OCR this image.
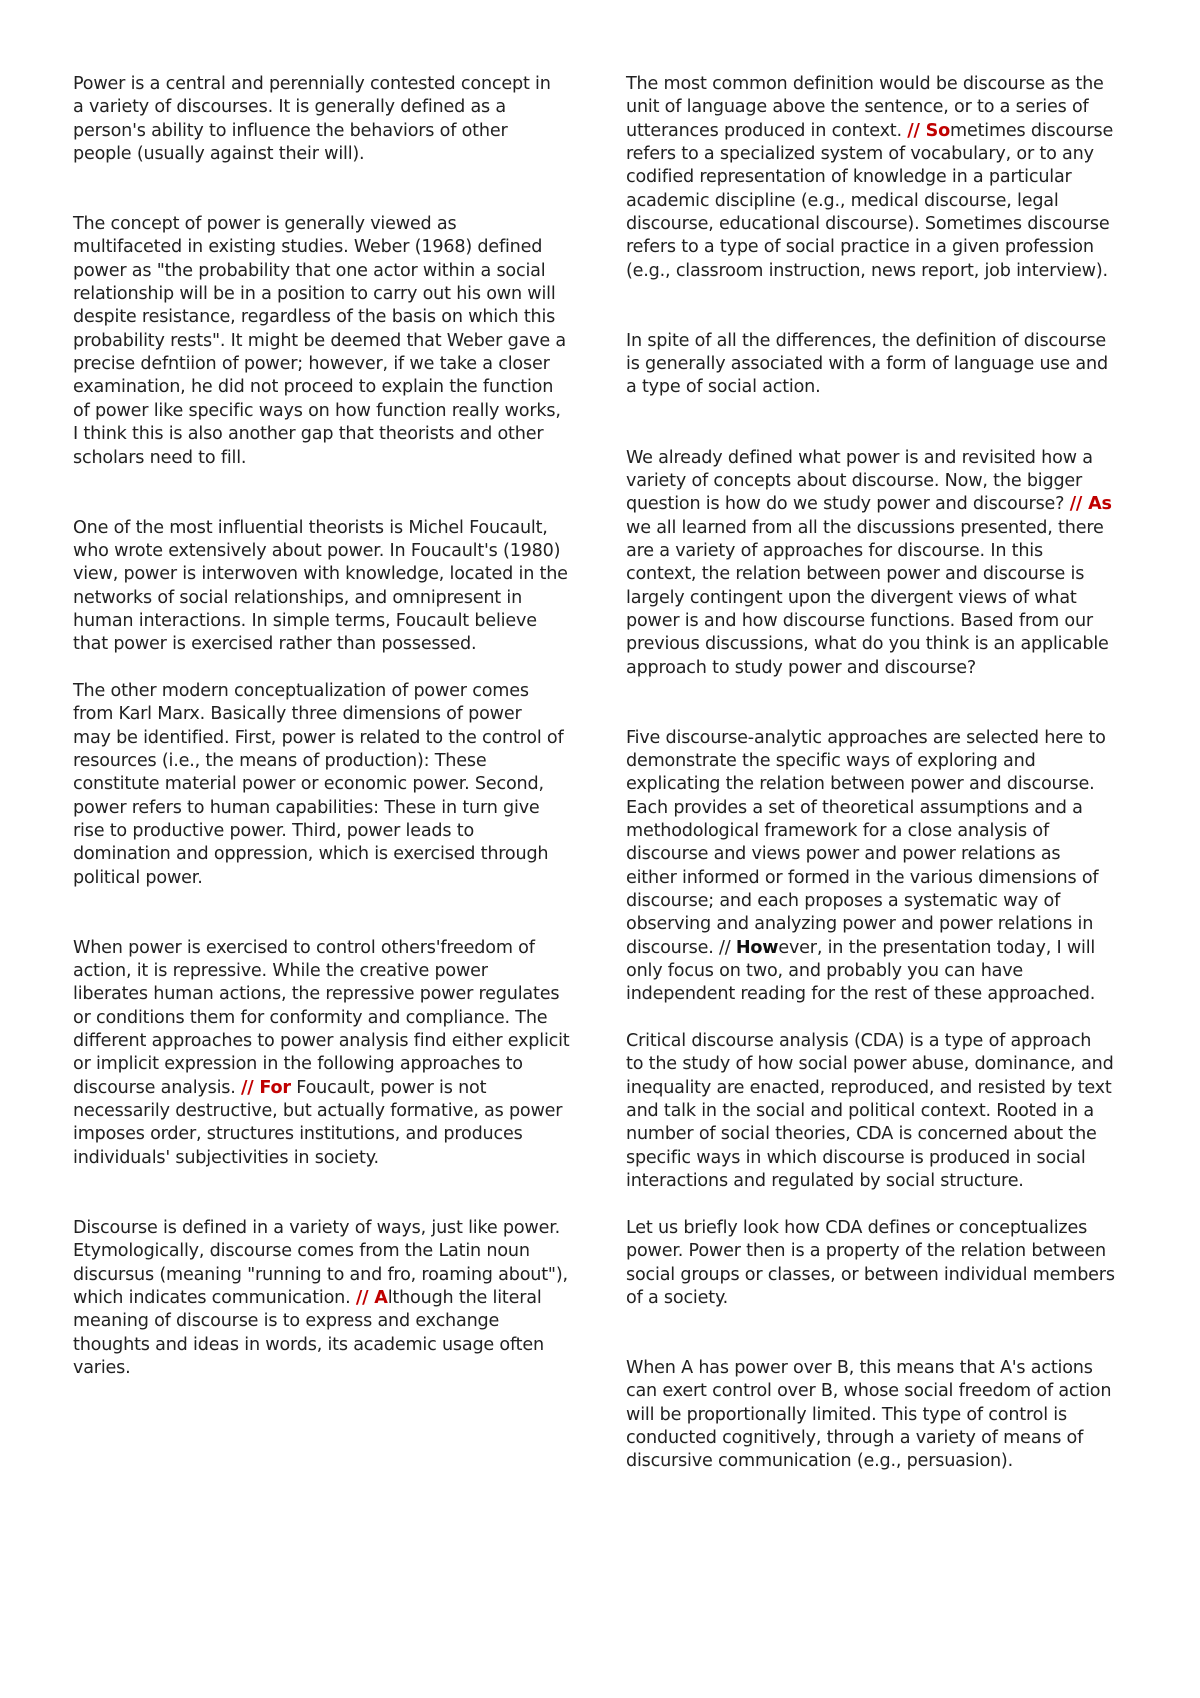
Power is a central and perennially contested concept in
a variety of discourses. It is generally defined as a
person's ability to influence the behaviors of other
people (usually against their will).

The concept of power is generally viewed as
multifaceted in existing studies. Weber (1968) defined
power as "the probability that one actor within a social
relationship will be in a position to carry out his own will
despite resistance, regardless of the basis on which this
probability rests". It might be deemed that Weber gave a
precise defntiion of power; however, if we take a closer
examination, he did not proceed to explain the function
of power like specific ways on how function really works,
I think this is also another gap that theorists and other
scholars need to fill.

One of the most influential theorists is Michel Foucault,
who wrote extensively about power. In Foucault's (1980)
view, power is interwoven with knowledge, located in the
networks of social relationships, and omnipresent in
human interactions. In simple terms, Foucault believe
that power is exercised rather than possessed.

The other modern conceptualization of power comes
from Karl Marx. Basically three dimensions of power
may be identified. First, power is related to the control of
resources (i.e., the means of production): These
constitute material power or economic power. Second,
power refers to human capabilities: These in turn give
rise to productive power. Third, power leads to
domination and oppression, which is exercised through
political power.

When power is exercised to control others'freedom of
action, it is repressive. While the creative power
liberates human actions, the repressive power regulates
or conditions them for conformity and compliance. The
different approaches to power analysis find either explicit
or implicit expression in the following approaches to
discourse analysis. // For Foucault, power is not
necessarily destructive, but actually formative, as power
imposes order, structures institutions, and produces
individuals' subjectivities in society.

Discourse is defined in a variety of ways, just like power.
Etymologically, discourse comes from the Latin noun
discursus (meaning "running to and fro, roaming about"),
which indicates communication. // Although the literal
meaning of discourse is to express and exchange
thoughts and ideas in words, its academic usage often
varies.

The most common definition would be discourse as the
unit of language above the sentence, or to a series of
utterances produced in context. // Sometimes discourse
refers to a specialized system of vocabulary, or to any
codified representation of knowledge in a particular
academic discipline (e.g., medical discourse, legal
discourse, educational discourse). Sometimes discourse
refers to a type of social practice in a given profession
(e.g., classroom instruction, news report, job interview).

In spite of all the differences, the definition of discourse
is generally associated with a form of language use and
a type of social action.

We already defined what power is and revisited how a
variety of concepts about discourse. Now, the bigger
question is how do we study power and discourse? // As
we all learned from all the discussions presented, there
are a variety of approaches for discourse. In this
context, the relation between power and discourse is
largely contingent upon the divergent views of what
power is and how discourse functions. Based from our
previous discussions, what do you think is an applicable
approach to study power and discourse?

Five discourse-analytic approaches are selected here to
demonstrate the specific ways of exploring and
explicating the relation between power and discourse.
Each provides a set of theoretical assumptions and a
methodological framework for a close analysis of
discourse and views power and power relations as
either informed or formed in the various dimensions of
discourse; and each proposes a systematic way of
observing and analyzing power and power relations in
discourse. // However, in the presentation today, I will
only focus on two, and probably you can have
independent reading for the rest of these approached.

Critical discourse analysis (CDA) is a type of approach
to the study of how social power abuse, dominance, and
inequality are enacted, reproduced, and resisted by text
and talk in the social and political context. Rooted in a
number of social theories, CDA is concerned about the
specific ways in which discourse is produced in social
interactions and regulated by social structure.

Let us briefly look how CDA defines or conceptualizes
power. Power then is a property of the relation between
social groups or classes, or between individual members
of a society.

When A has power over B, this means that A's actions
can exert control over B, whose social freedom of action
will be proportionally limited. This type of control is
conducted cognitively, through a variety of means of
discursive communication (e.g., persuasion).
